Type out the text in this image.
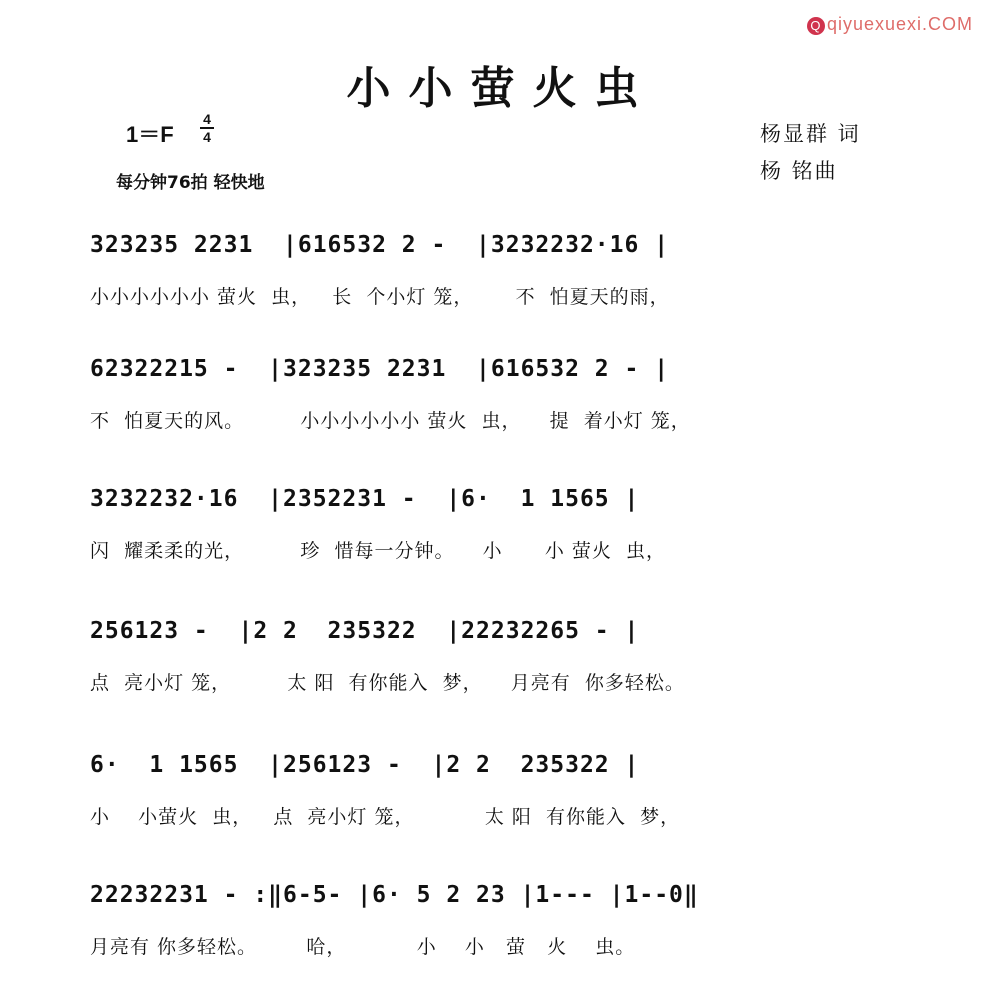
Q qiyuexuexi.COM
小小萤火虫
1＝F
4
4
每分钟76拍 轻快地
杨显群 词
杨 铭曲
323235 2231  |616532 2 -  |3232232·16 |
小小小小小小 萤火  虫，   长  个小灯 笼，      不  怕夏天的雨，
62322215 -  |323235 2231  |616532 2 - |
不  怕夏天的风。        小小小小小小 萤火  虫，    提  着小灯 笼，
3232232·16  |2352231 -  |6·  1 1565 |
闪  耀柔柔的光，        珍  惜每一分钟。    小      小 萤火  虫，
256123 -  |2 2  235322  |22232265 - |
点  亮小灯 笼，        太 阳  有你能入  梦，    月亮有  你多轻松。
6·  1 1565  |256123 -  |2 2  235322 |
小    小萤火  虫，   点  亮小灯 笼，          太 阳  有你能入  梦，
22232231 - :‖6-5- |6· 5 2 23 |1--- |1--0‖
月亮有 你多轻松。       哈，          小    小   萤   火    虫。
